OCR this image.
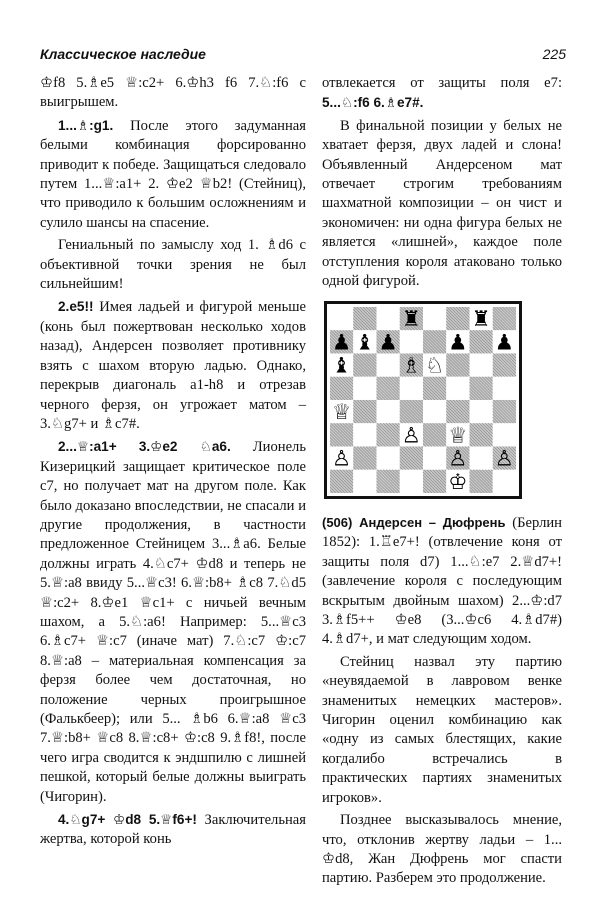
Классическое наследие	225

♔f8 5.♗e5 ♕:c2+ 6.♔h3 f6 7.♘:f6 с выигрышем.

1...♗:g1. После этого задуманная белыми комбинация форсированно приводит к победе. Защищаться следовало путем 1...♕:a1+ 2. ♔e2 ♕b2! (Стейниц), что приводило к большим осложнениям и сулило шансы на спасение.

Гениальный по замыслу ход 1. ♗d6 с объективной точки зрения не был сильнейшим!

2.e5!! Имея ладьей и фигурой меньше (конь был пожертвован несколько ходов назад), Андерсен позволяет противнику взять с шахом вторую ладью. Однако, перекрыв диагональ a1-h8 и отрезав черного ферзя, он угрожает матом – 3.♘g7+ и ♗c7#.

2...♕:a1+ 3.♔e2 ♘a6. Лионель Кизерицкий защищает критическое поле c7, но получает мат на другом поле. Как было доказано впоследствии, не спасали и другие продолжения, в частности предложенное Стейницем 3...♗a6. Белые должны играть 4.♘c7+ ♔d8 и теперь не 5.♕:a8 ввиду 5...♕c3! 6.♕:b8+ ♗c8 7.♘d5 ♕:c2+ 8.♔e1 ♕c1+ с ничьей вечным шахом, а 5.♘:a6! Например: 5...♕c3 6.♗c7+ ♕:c7 (иначе мат) 7.♘:c7 ♔:c7 8.♕:a8 – материальная компенсация за ферзя более чем достаточная, но положение черных проигрышное (Фалькбеер); или 5... ♗b6 6.♕:a8 ♕c3 7.♕:b8+ ♕c8 8.♕:c8+ ♔:c8 9.♗f8!, после чего игра сводится к эндшпилю с лишней пешкой, который белые должны выиграть (Чигорин).

4.♘g7+ ♔d8 5.♕f6+! Заключительная жертва, которой конь

отвлекается от защиты поля e7: 5...♘:f6 6.♗e7#.

В финальной позиции у белых не хватает ферзя, двух ладей и слона! Объявленный Андерсеном мат отвечает строгим требованиям шахматной композиции – он чист и экономичен: ни одна фигура белых не является «лишней», каждое поле отступления короля атаковано только одной фигурой.

♜ ♜
♟ ♝ ♟ ♟ ♟
♝ ♗ ♘
♕
♙ ♕
♙	♙ ♙
♔

(506) Андерсен – Дюфрень (Берлин 1852): 1.♖e7+! (отвлечение коня от защиты поля d7) 1...♘:e7 2.♕d7+! (завлечение короля с последующим вскрытым двойным шахом) 2...♔:d7 3.♗f5++ ♔e8 (3...♔c6 4.♗d7#) 4.♗d7+, и мат следующим ходом.

Стейниц назвал эту партию «неувядаемой в лавровом венке знаменитых немецких мастеров». Чигорин оценил комбинацию как «одну из самых блестящих, какие когдалибо встречались в практических партиях знаменитых игроков».

Позднее высказывалось мнение, что, отклонив жертву ладьи – 1... ♔d8, Жан Дюфрень мог спасти партию. Разберем это продолжение.
